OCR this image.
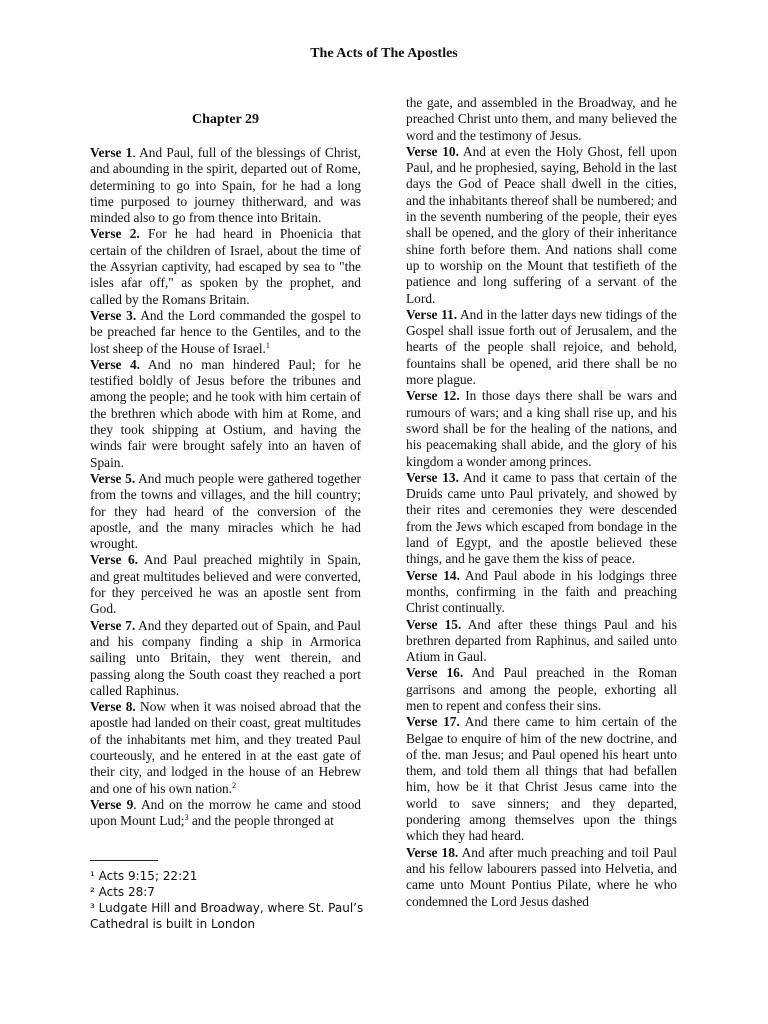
The Acts of The Apostles
Chapter 29

Verse 1. And Paul, full of the blessings of Christ, and abounding in the spirit, departed out of Rome, determining to go into Spain, for he had a long time purposed to journey thitherward, and was minded also to go from thence into Britain.

Verse 2. For he had heard in Phoenicia that certain of the children of Israel, about the time of the Assyrian captivity, had escaped by sea to "the isles afar off," as spoken by the prophet, and called by the Romans Britain.

Verse 3. And the Lord commanded the gospel to be preached far hence to the Gentiles, and to the lost sheep of the House of Israel.$^1$

Verse 4. And no man hindered Paul; for he testified boldly of Jesus before the tribunes and among the people; and he took with him certain of the brethren which abode with him at Rome, and they took shipping at Ostium, and having the winds fair were brought safely into an haven of Spain.

Verse 5. And much people were gathered together from the towns and villages, and the hill country; for they had heard of the conversion of the apostle, and the many miracles which he had wrought.

Verse 6. And Paul preached mightily in Spain, and great multitudes believed and were converted, for they perceived he was an apostle sent from God.

Verse 7. And they departed out of Spain, and Paul and his company finding a ship in Armorica sailing unto Britain, they went therein, and passing along the South coast they reached a port called Raphinus.

Verse 8. Now when it was noised abroad that the apostle had landed on their coast, great multitudes of the inhabitants met him, and they treated Paul courteously, and he entered in at the east gate of their city, and lodged in the house of an Hebrew and one of his own nation.$^2$

Verse 9. And on the morrow he came and stood upon Mount Lud;$^3$ and the people thronged at

the gate, and assembled in the Broadway, and he preached Christ unto them, and many believed the word and the testimony of Jesus.

Verse 10. And at even the Holy Ghost, fell upon Paul, and he prophesied, saying, Behold in the last days the God of Peace shall dwell in the cities, and the inhabitants thereof shall be numbered; and in the seventh numbering of the people, their eyes shall be opened, and the glory of their inheritance shine forth before them. And nations shall come up to worship on the Mount that testifieth of the patience and long suffering of a servant of the Lord.

Verse 11. And in the latter days new tidings of the Gospel shall issue forth out of Jerusalem, and the hearts of the people shall rejoice, and behold, fountains shall be opened, arid there shall be no more plague.

Verse 12. In those days there shall be wars and rumours of wars; and a king shall rise up, and his sword shall be for the healing of the nations, and his peacemaking shall abide, and the glory of his kingdom a wonder among princes.

Verse 13. And it came to pass that certain of the Druids came unto Paul privately, and showed by their rites and ceremonies they were descended from the Jews which escaped from bondage in the land of Egypt, and the apostle believed these things, and he gave them the kiss of peace.

Verse 14. And Paul abode in his lodgings three months, confirming in the faith and preaching Christ continually.

Verse 15. And after these things Paul and his brethren departed from Raphinus, and sailed unto Atium in Gaul.

Verse 16. And Paul preached in the Roman garrisons and among the people, exhorting all men to repent and confess their sins.

Verse 17. And there came to him certain of the Belgae to enquire of him of the new doctrine, and of the. man Jesus; and Paul opened his heart unto them, and told them all things that had befallen him, how be it that Christ Jesus came into the world to save sinners; and they departed, pondering among themselves upon the things which they had heard.

Verse 18. And after much preaching and toil Paul and his fellow labourers passed into Helvetia, and came unto Mount Pontius Pilate, where he who condemned the Lord Jesus dashed

¹ Acts 9:15; 22:21

² Acts 28:7

³ Ludgate Hill and Broadway, where St. Paul’s Cathedral is built in London
